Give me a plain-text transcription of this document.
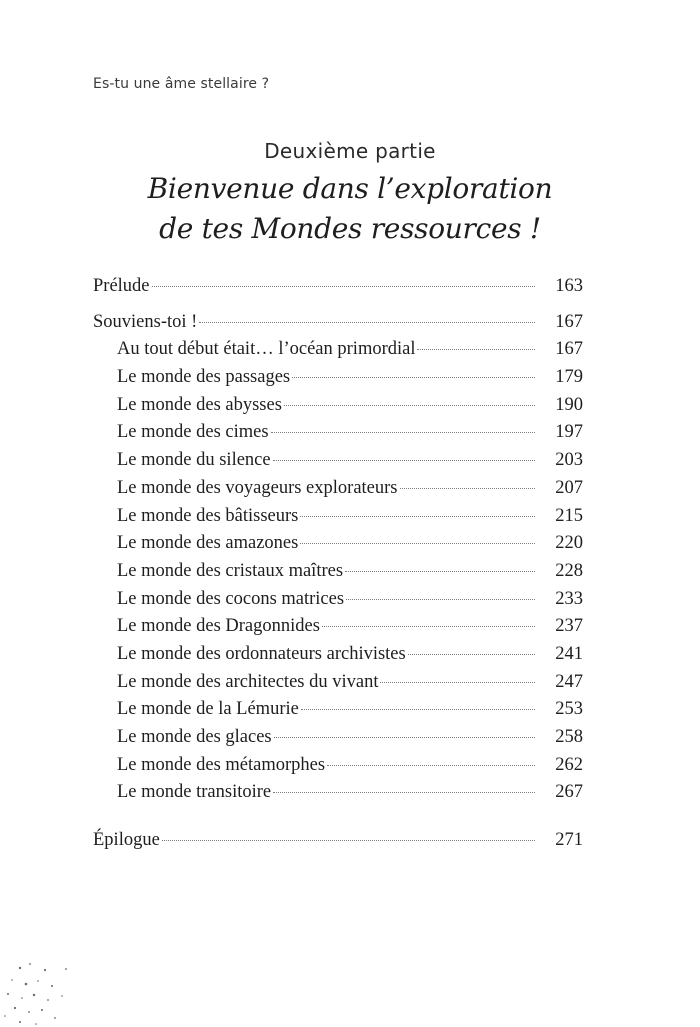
Es-tu une âme stellaire ?
Deuxième partie
Bienvenue dans l’exploration
de tes Mondes ressources !
Prélude	163
Souviens-toi !	167
Au tout début était… l’océan primordial	167
Le monde des passages	179
Le monde des abysses	190
Le monde des cimes	197
Le monde du silence	203
Le monde des voyageurs explorateurs	207
Le monde des bâtisseurs	215
Le monde des amazones	220
Le monde des cristaux maîtres	228
Le monde des cocons matrices	233
Le monde des Dragonnides	237
Le monde des ordonnateurs archivistes	241
Le monde des architectes du vivant	247
Le monde de la Lémurie	253
Le monde des glaces	258
Le monde des métamorphes	262
Le monde transitoire	267
Épilogue	271
